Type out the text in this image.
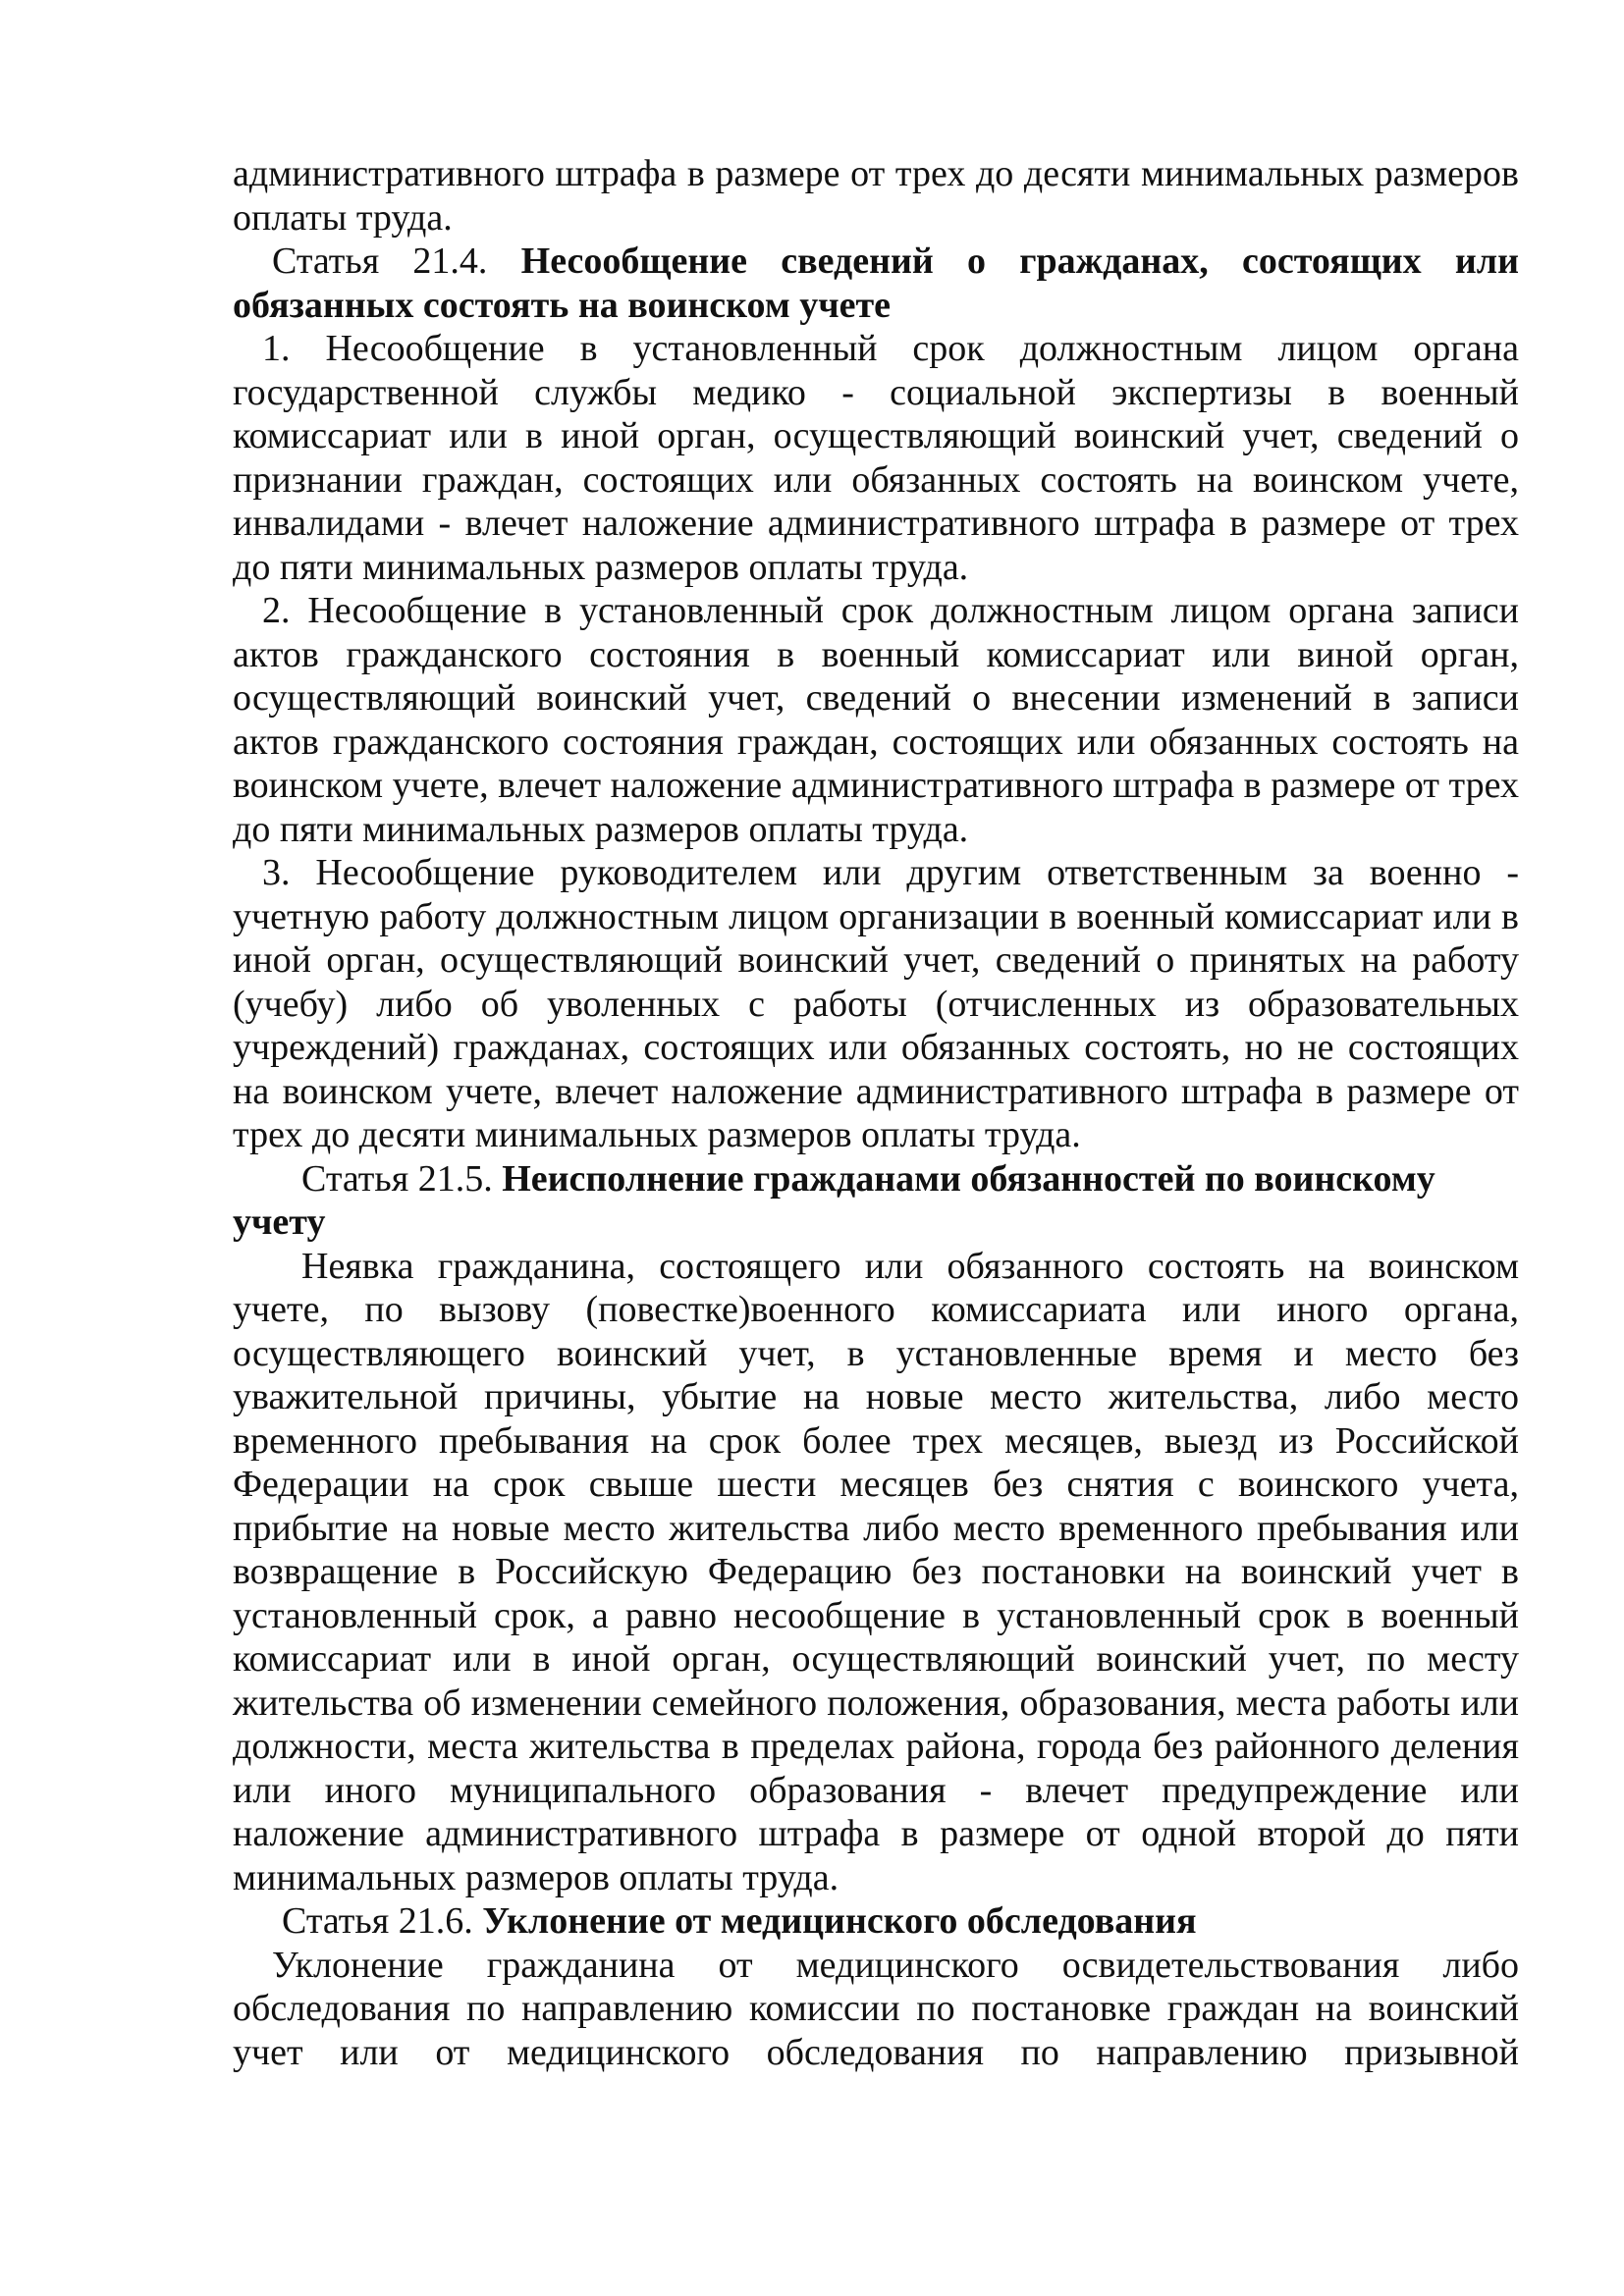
административного штрафа в размере от трех до десяти минимальных размеров оплаты труда.

Статья 21.4. Несообщение сведений о гражданах, состоящих или обязанных состоять на воинском учете

1. Несообщение в установленный срок должностным лицом органа государственной службы медико - социальной экспертизы в военный комиссариат или в иной орган, осуществляющий воинский учет, сведений о признании граждан, состоящих или обязанных состоять на воинском учете, инвалидами - влечет наложение административного штрафа в размере от трех до пяти минимальных размеров оплаты труда.

2. Несообщение в установленный срок должностным лицом органа записи актов гражданского состояния в военный комиссариат или виной орган, осуществляющий воинский учет, сведений о внесении изменений в записи актов гражданского состояния граждан, состоящих или обязанных состоять на воинском учете, влечет наложение административного штрафа в размере от трех до пяти минимальных размеров оплаты труда.

3. Несообщение руководителем или другим ответственным за военно - учетную работу должностным лицом организации в военный комиссариат или в иной орган, осуществляющий воинский учет, сведений о принятых на работу (учебу) либо об уволенных с работы (отчисленных из образовательных учреждений) гражданах, состоящих или обязанных состоять, но не состоящих на воинском учете, влечет наложение административного штрафа в размере от трех до десяти минимальных размеров оплаты труда.

Статья 21.5. Неисполнение гражданами обязанностей по воинскому учету

Неявка гражданина, состоящего или обязанного состоять на воинском учете, по вызову (повестке)военного комиссариата или иного органа, осуществляющего воинский учет, в установленные время и место без уважительной причины, убытие на новые место жительства, либо место временного пребывания на срок более трех месяцев, выезд из Российской Федерации на срок свыше шести месяцев без снятия с воинского учета, прибытие на новые место жительства либо место временного пребывания или возвращение в Российскую Федерацию без постановки на воинский учет в установленный срок, а равно несообщение в установленный срок в военный комиссариат или в иной орган, осуществляющий воинский учет, по месту жительства об изменении семейного положения, образования, места работы или должности, места жительства в пределах района, города без районного деления или иного муниципального образования - влечет предупреждение или наложение административного штрафа в размере от одной второй до пяти минимальных размеров оплаты труда.

Статья 21.6. Уклонение от медицинского обследования

Уклонение гражданина от медицинского освидетельствования либо обследования по направлению комиссии по постановке граждан на воинский учет или от медицинского обследования по направлению призывной
